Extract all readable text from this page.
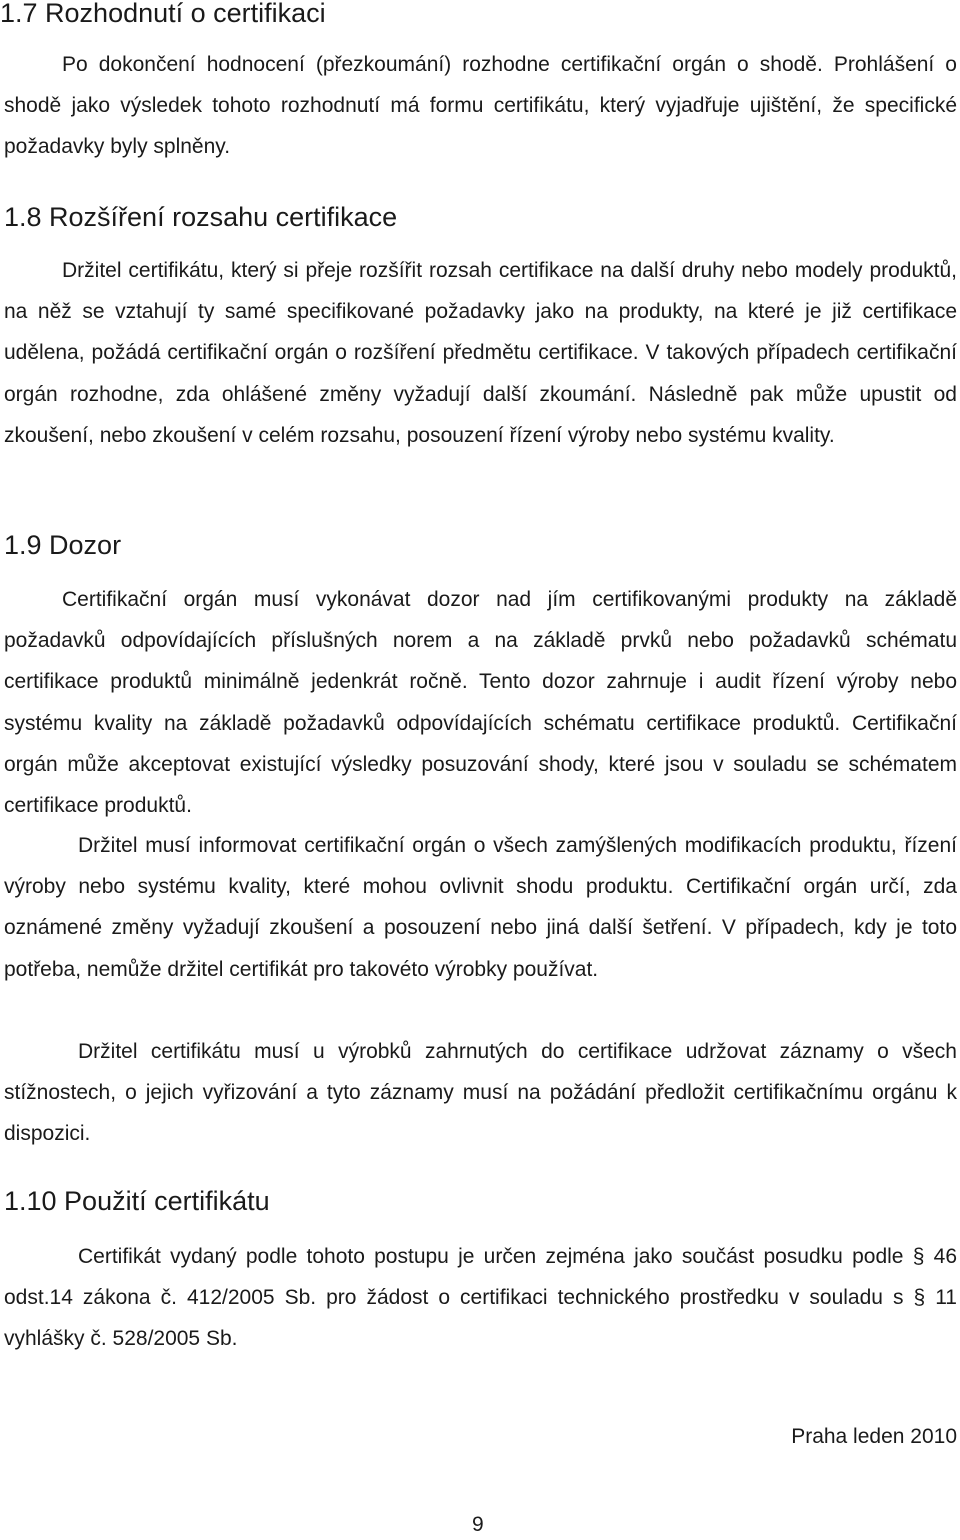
1.7 Rozhodnutí o certifikaci

Po dokončení hodnocení (přezkoumání) rozhodne certifikační orgán o shodě. Prohlášení o shodě jako výsledek tohoto rozhodnutí má formu certifikátu, který vyjadřuje ujištění, že specifické požadavky byly splněny.

1.8 Rozšíření rozsahu certifikace

Držitel certifikátu, který si přeje rozšířit rozsah certifikace na další druhy nebo modely produktů, na něž se vztahují ty samé specifikované požadavky jako na produkty, na které je již certifikace udělena, požádá certifikační orgán o rozšíření předmětu certifikace. V takových případech certifikační orgán rozhodne, zda ohlášené změny vyžadují další zkoumání. Následně pak může upustit od zkoušení, nebo zkoušení v celém rozsahu, posouzení řízení výroby nebo systému kvality.

1.9 Dozor

Certifikační orgán musí vykonávat dozor nad jím certifikovanými produkty na základě požadavků odpovídajících příslušných norem a na základě prvků nebo požadavků schématu certifikace produktů minimálně jedenkrát ročně. Tento dozor zahrnuje i audit řízení výroby nebo systému kvality na základě požadavků odpovídajících schématu certifikace produktů. Certifikační orgán může akceptovat existující výsledky posuzování shody, které jsou v souladu se schématem certifikace produktů.

Držitel musí informovat certifikační orgán o všech zamýšlených modifikacích produktu, řízení výroby nebo systému kvality, které mohou ovlivnit shodu produktu. Certifikační orgán určí, zda oznámené změny vyžadují zkoušení a posouzení nebo jiná další šetření. V případech, kdy je toto potřeba, nemůže držitel certifikát pro takovéto výrobky používat.

Držitel certifikátu musí u výrobků zahrnutých do certifikace udržovat záznamy o všech stížnostech, o jejich vyřizování a tyto záznamy musí na požádání předložit certifikačnímu orgánu k dispozici.

1.10 Použití certifikátu

Certifikát vydaný podle tohoto postupu je určen zejména jako součást posudku podle § 46 odst.14 zákona č. 412/2005 Sb. pro žádost o certifikaci technického prostředku v souladu s § 11 vyhlášky č. 528/2005 Sb.

Praha leden 2010
9
